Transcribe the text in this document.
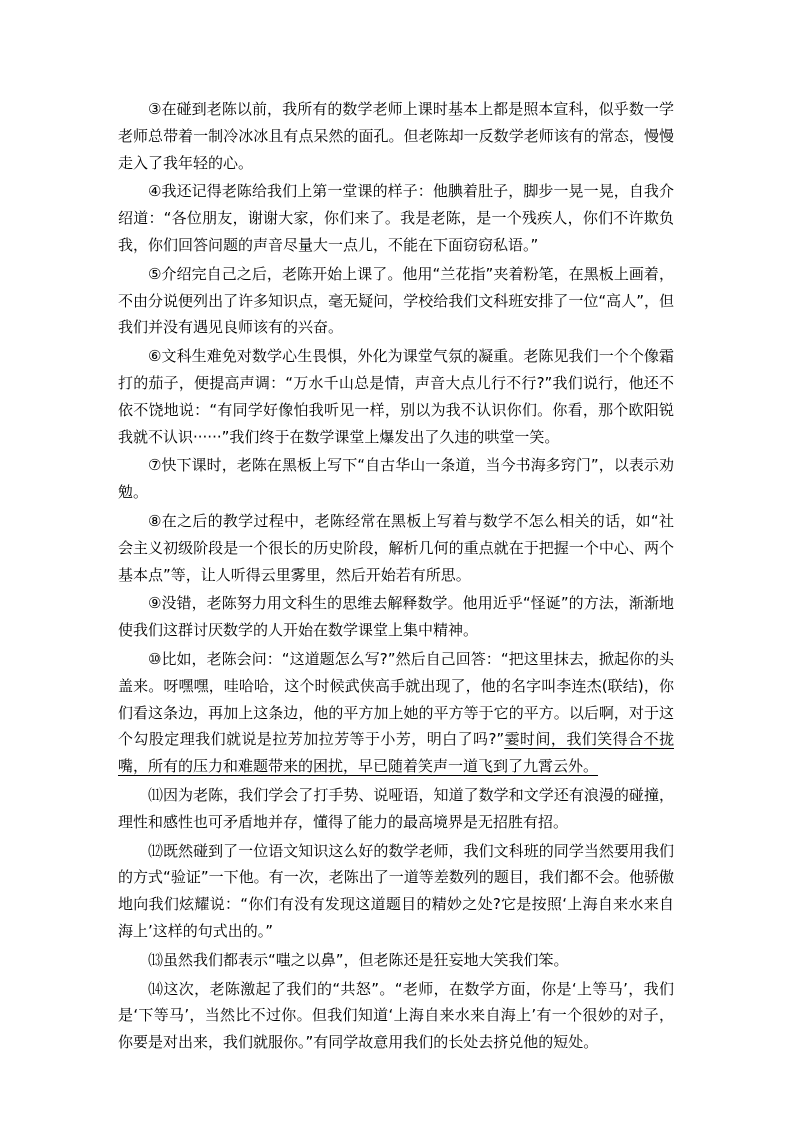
③在碰到老陈以前，我所有的数学老师上课时基本上都是照本宣科，似乎数一学老师总带着一制冷冰冰且有点呆然的面孔。但老陈却一反数学老师该有的常态，慢慢走入了我年轻的心。

④我还记得老陈给我们上第一堂课的样子：他腆着肚子，脚步一晃一晃，自我介绍道：“各位朋友，谢谢大家，你们来了。我是老陈，是一个残疾人，你们不许欺负我，你们回答问题的声音尽量大一点儿，不能在下面窃窃私语。”

⑤介绍完自己之后，老陈开始上课了。他用“兰花指”夹着粉笔，在黑板上画着，不由分说便列出了许多知识点，毫无疑问，学校给我们文科班安排了一位“高人”，但我们并没有遇见良师该有的兴奋。

⑥文科生难免对数学心生畏惧，外化为课堂气氛的凝重。老陈见我们一个个像霜打的茄子，便提高声调：“万水千山总是情，声音大点儿行不行?”我们说行，他还不依不饶地说：“有同学好像怕我听见一样，别以为我不认识你们。你看，那个欧阳锐我就不认识······”我们终于在数学课堂上爆发出了久违的哄堂一笑。

⑦快下课时，老陈在黑板上写下“自古华山一条道，当今书海多窍门”，以表示劝勉。

⑧在之后的教学过程中，老陈经常在黑板上写着与数学不怎么相关的话，如“社会主义初级阶段是一个很长的历史阶段，解析几何的重点就在于把握一个中心、两个基本点”等，让人听得云里雾里，然后开始若有所思。

⑨没错，老陈努力用文科生的思维去解释数学。他用近乎“怪诞”的方法，渐渐地使我们这群讨厌数学的人开始在数学课堂上集中精神。

⑩比如，老陈会问：“这道题怎么写?”然后自己回答：“把这里抹去，掀起你的头盖来。呀嘿嘿，哇哈哈，这个时候武侠高手就出现了，他的名字叫李连杰(联结)，你们看这条边，再加上这条边，他的平方加上她的平方等于它的平方。以后啊，对于这个勾股定理我们就说是拉芳加拉芳等于小芳，明白了吗?”霎时间，我们笑得合不拢嘴，所有的压力和难题带来的困扰，早已随着笑声一道飞到了九霄云外。

⑾因为老陈，我们学会了打手势、说哑语，知道了数学和文学还有浪漫的碰撞，理性和感性也可矛盾地并存，懂得了能力的最高境界是无招胜有招。

⑿既然碰到了一位语文知识这么好的数学老师，我们文科班的同学当然要用我们的方式“验证”一下他。有一次，老陈出了一道等差数列的题目，我们都不会。他骄傲地向我们炫耀说：“你们有没有发现这道题目的精妙之处?它是按照‘上海自来水来自海上’这样的句式出的。”

⒀虽然我们都表示“嗤之以鼻”，但老陈还是狂妄地大笑我们笨。

⒁这次，老陈激起了我们的“共怒”。“老师，在数学方面，你是‘上等马’，我们是‘下等马’，当然比不过你。但我们知道‘上海自来水来自海上’有一个很妙的对子，你要是对出来，我们就服你。”有同学故意用我们的长处去挤兑他的短处。
